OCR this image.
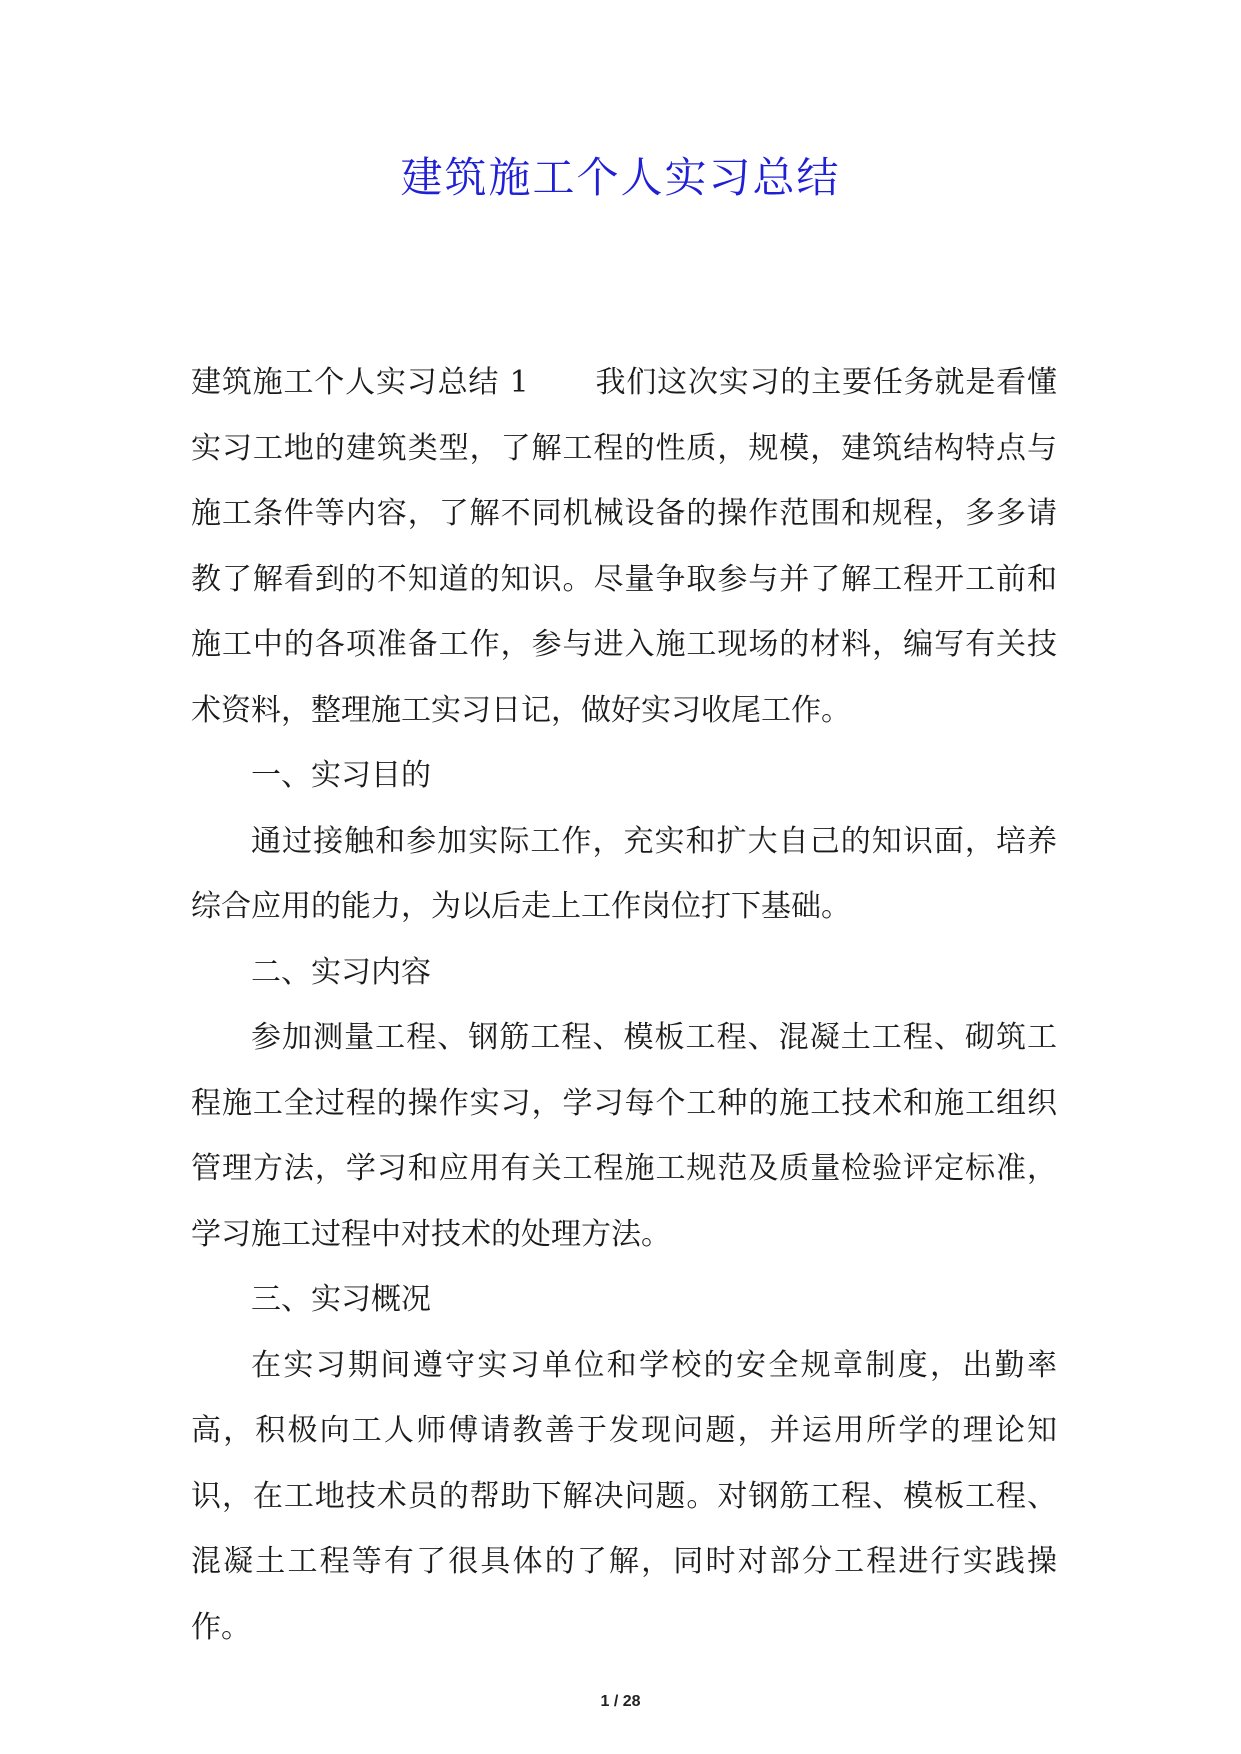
建筑施工个人实习总结

建筑施工个人实习总结 1 我们这次实习的主要任务就是看懂实习工地的建筑类型，了解工程的性质，规模，建筑结构特点与施工条件等内容，了解不同机械设备的操作范围和规程，多多请教了解看到的不知道的知识。尽量争取参与并了解工程开工前和施工中的各项准备工作，参与进入施工现场的材料，编写有关技术资料，整理施工实习日记，做好实习收尾工作。

一、实习目的

通过接触和参加实际工作，充实和扩大自己的知识面，培养综合应用的能力，为以后走上工作岗位打下基础。

二、实习内容

参加测量工程、钢筋工程、模板工程、混凝土工程、砌筑工程施工全过程的操作实习，学习每个工种的施工技术和施工组织管理方法，学习和应用有关工程施工规范及质量检验评定标准，学习施工过程中对技术的处理方法。

三、实习概况

在实习期间遵守实习单位和学校的安全规章制度，出勤率高，积极向工人师傅请教善于发现问题，并运用所学的理论知识，在工地技术员的帮助下解决问题。对钢筋工程、模板工程、混凝土工程等有了很具体的了解，同时对部分工程进行实践操作。

1 / 28
